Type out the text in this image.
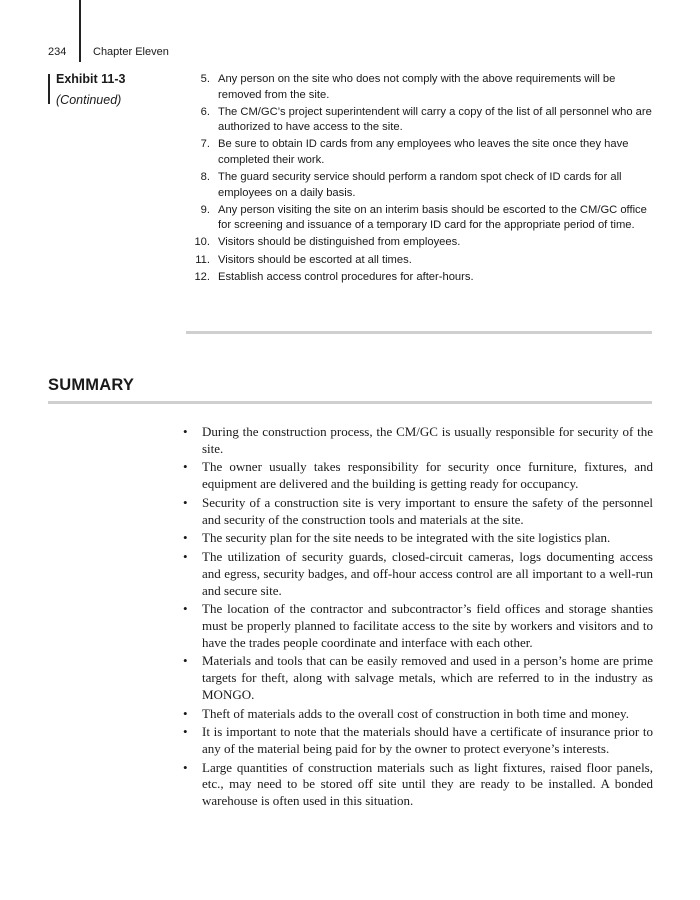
234 Chapter Eleven
Exhibit 11-3
(Continued)
5. Any person on the site who does not comply with the above requirements will be removed from the site.
6. The CM/GC’s project superintendent will carry a copy of the list of all personnel who are authorized to have access to the site.
7. Be sure to obtain ID cards from any employees who leaves the site once they have completed their work.
8. The guard security service should perform a random spot check of ID cards for all employees on a daily basis.
9. Any person visiting the site on an interim basis should be escorted to the CM/GC office for screening and issuance of a temporary ID card for the appropriate period of time.
10. Visitors should be distinguished from employees.
11. Visitors should be escorted at all times.
12. Establish access control procedures for after-hours.
SUMMARY
• During the construction process, the CM/GC is usually responsible for security of the site.
• The owner usually takes responsibility for security once furniture, fixtures, and equipment are delivered and the building is getting ready for occupancy.
• Security of a construction site is very important to ensure the safety of the personnel and security of the construction tools and materials at the site.
• The security plan for the site needs to be integrated with the site logistics plan.
• The utilization of security guards, closed-circuit cameras, logs documenting access and egress, security badges, and off-hour access control are all important to a well-run and secure site.
• The location of the contractor and subcontractor’s field offices and storage shanties must be properly planned to facilitate access to the site by workers and visitors and to have the trades people coordinate and interface with each other.
• Materials and tools that can be easily removed and used in a person’s home are prime targets for theft, along with salvage metals, which are referred to in the industry as MONGO.
• Theft of materials adds to the overall cost of construction in both time and money.
• It is important to note that the materials should have a certificate of insurance prior to any of the material being paid for by the owner to protect everyone’s interests.
• Large quantities of construction materials such as light fixtures, raised floor panels, etc., may need to be stored off site until they are ready to be installed. A bonded warehouse is often used in this situation.
